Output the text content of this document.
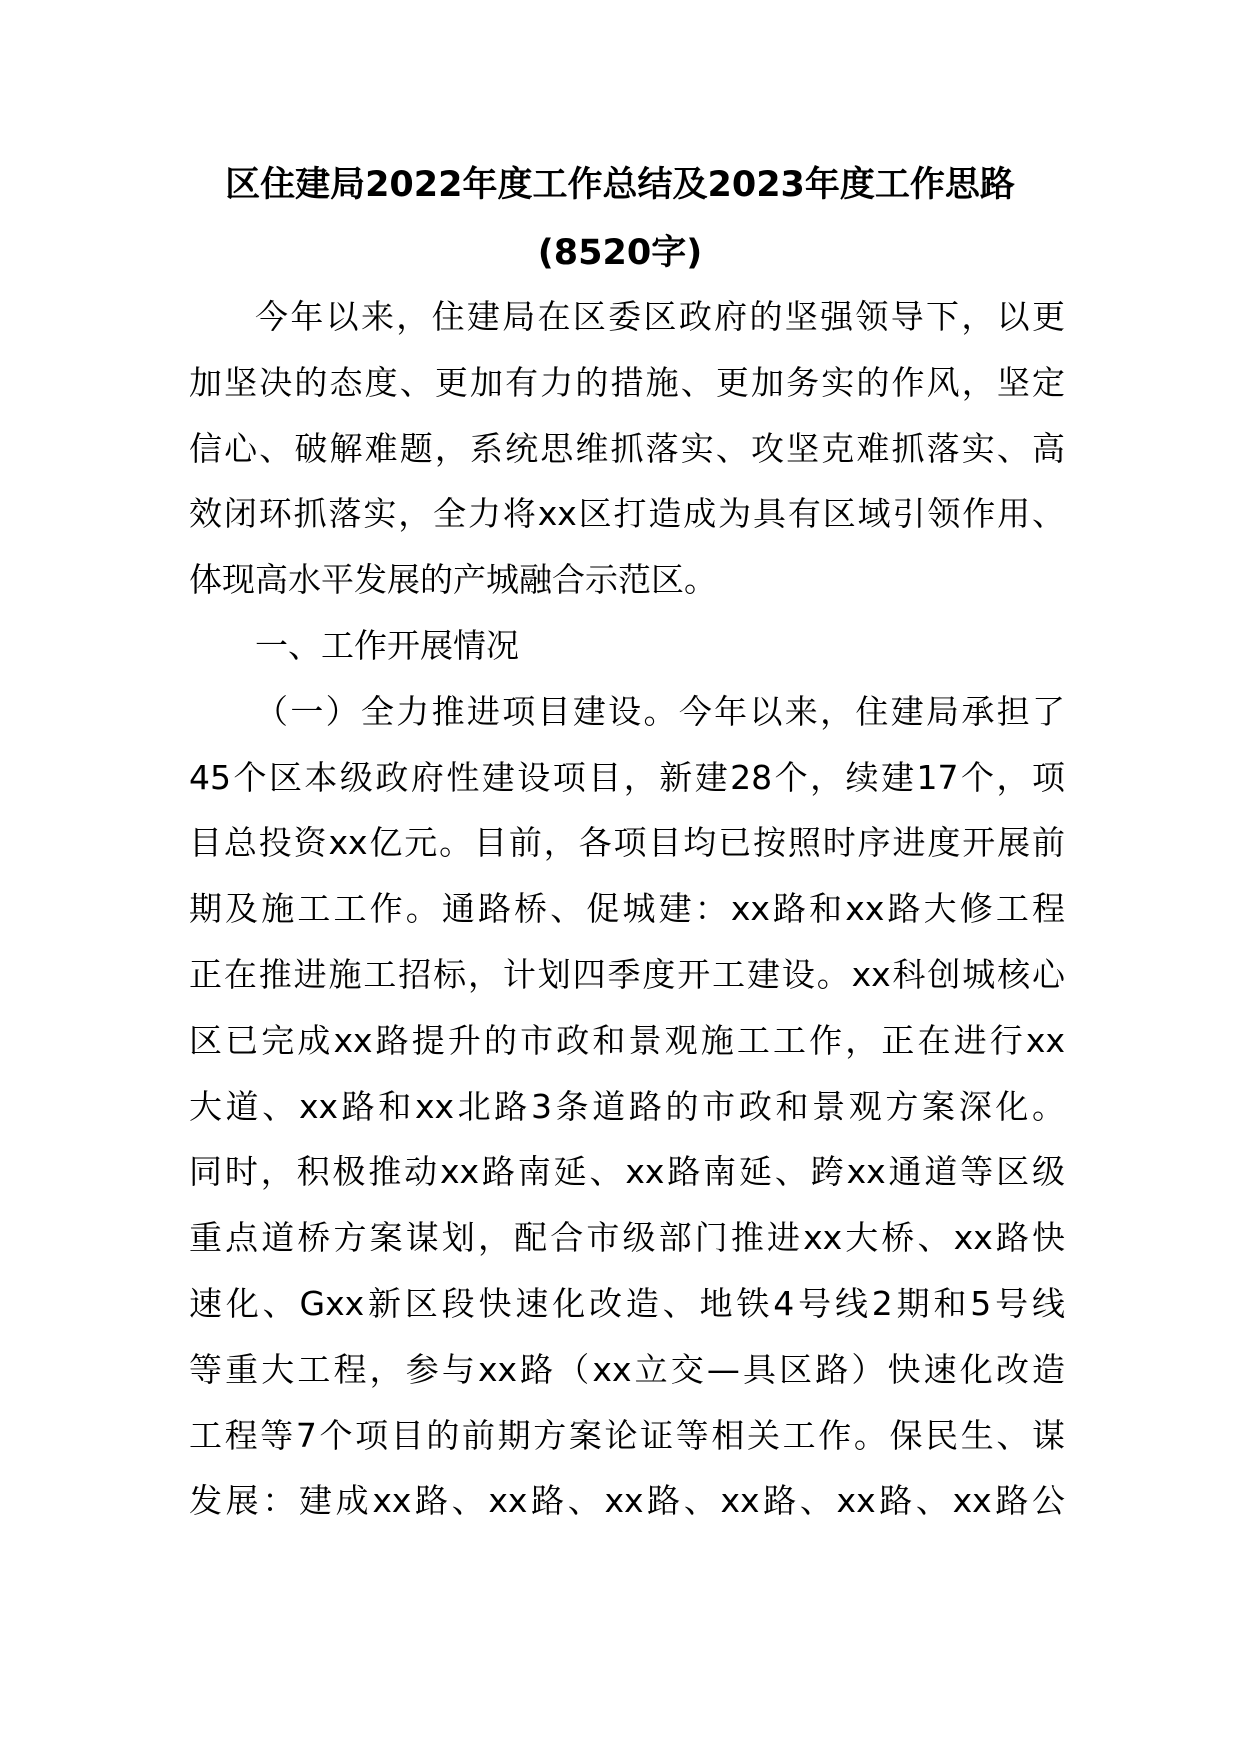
区住建局2022年度工作总结及2023年度工作思路
(8520字)
今年以来，住建局在区委区政府的坚强领导下，以更
加坚决的态度、更加有力的措施、更加务实的作风，坚定
信心、破解难题，系统思维抓落实、攻坚克难抓落实、高
效闭环抓落实，全力将xx区打造成为具有区域引领作用、
体现高水平发展的产城融合示范区。
一、工作开展情况
（一）全力推进项目建设。今年以来，住建局承担了
45个区本级政府性建设项目，新建28个，续建17个，项
目总投资xx亿元。目前，各项目均已按照时序进度开展前
期及施工工作。通路桥、促城建：xx路和xx路大修工程
正在推进施工招标，计划四季度开工建设。xx科创城核心
区已完成xx路提升的市政和景观施工工作，正在进行xx
大道、xx路和xx北路3条道路的市政和景观方案深化。
同时，积极推动xx路南延、xx路南延、跨xx通道等区级
重点道桥方案谋划，配合市级部门推进xx大桥、xx路快
速化、Gxx新区段快速化改造、地铁4号线2期和5号线
等重大工程，参与xx路（xx立交—具区路）快速化改造
工程等7个项目的前期方案论证等相关工作。保民生、谋
发展：建成xx路、xx路、xx路、xx路、xx路、xx路公
